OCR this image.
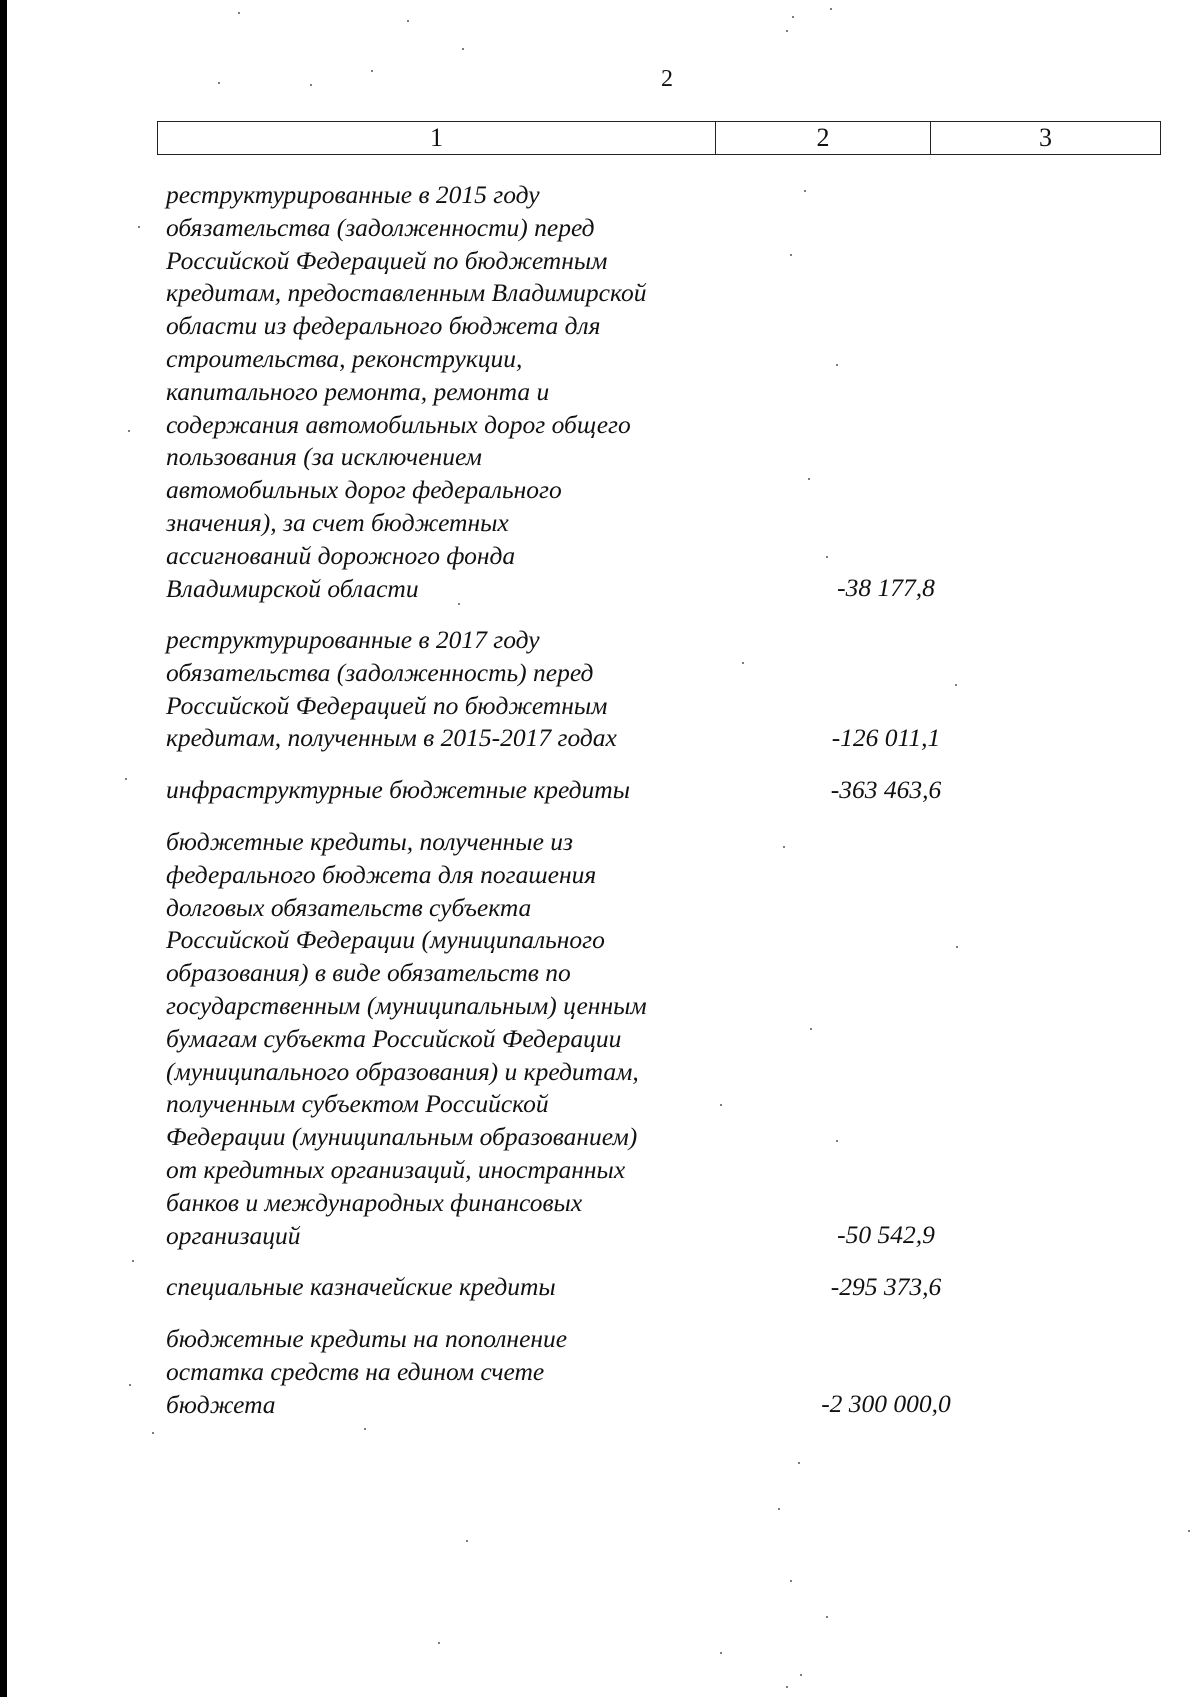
2
1	2	3
реструктурированные в 2015 году
обязательства (задолженности) перед
Российской Федерацией по бюджетным
кредитам, предоставленным Владимирской
области из федерального бюджета для
строительства, реконструкции,
капитального ремонта, ремонта и
содержания автомобильных дорог общего
пользования (за исключением
автомобильных дорог федерального
значения), за счет бюджетных
ассигнований дорожного фонда
Владимирской области	-38 177,8
реструктурированные в 2017 году
обязательства (задолженность) перед
Российской Федерацией по бюджетным
кредитам, полученным в 2015-2017 годах	-126 011,1
инфраструктурные бюджетные кредиты	-363 463,6
бюджетные кредиты, полученные из
федерального бюджета для погашения
долговых обязательств субъекта
Российской Федерации (муниципального
образования) в виде обязательств по
государственным (муниципальным) ценным
бумагам субъекта Российской Федерации
(муниципального образования) и кредитам,
полученным субъектом Российской
Федерации (муниципальным образованием)
от кредитных организаций, иностранных
банков и международных финансовых
организаций	-50 542,9
специальные казначейские кредиты	-295 373,6
бюджетные кредиты на пополнение
остатка средств на едином счете
бюджета	-2 300 000,0
